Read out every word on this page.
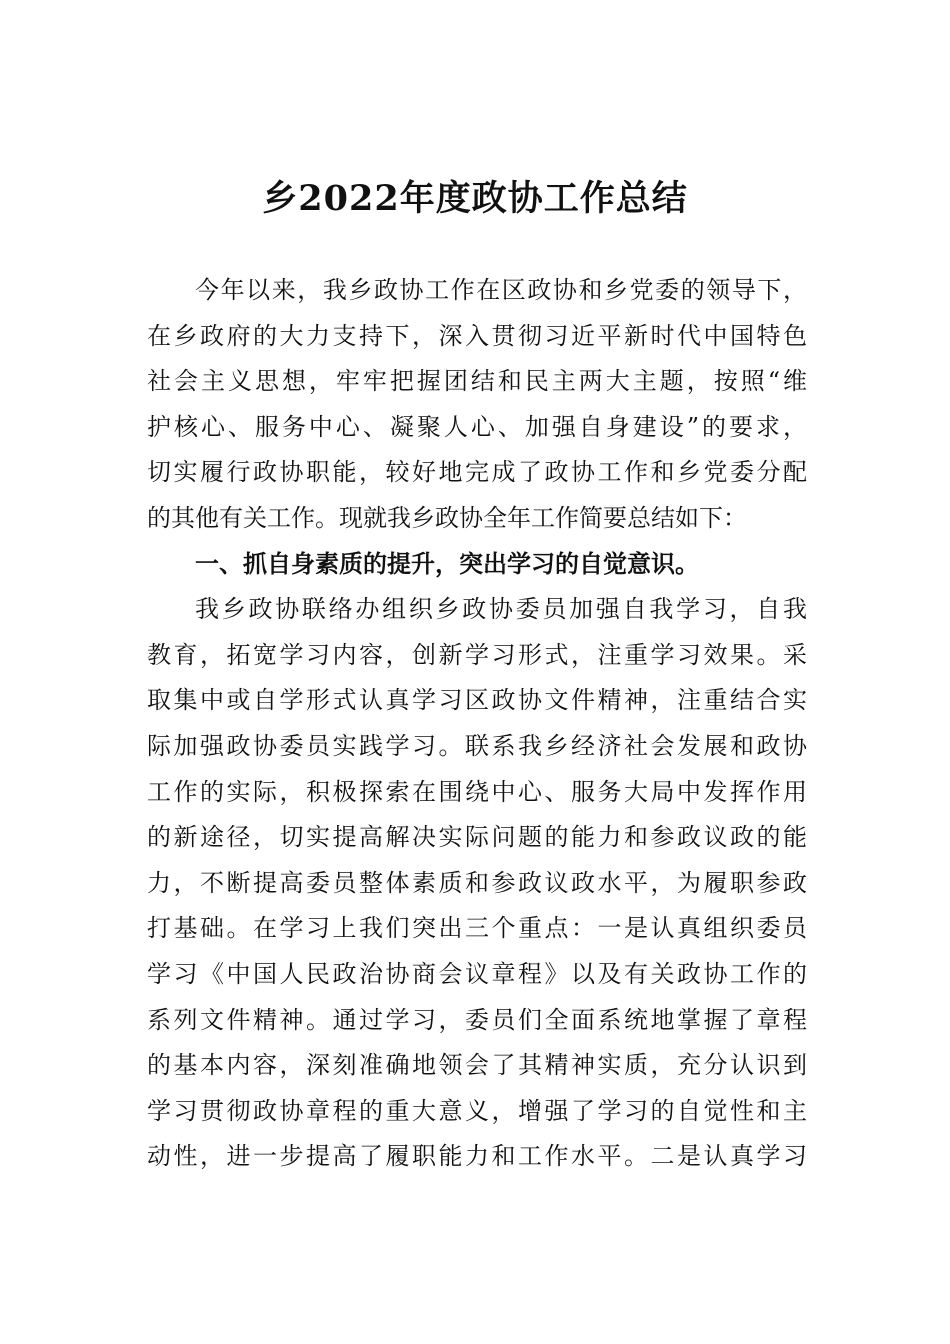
乡2022年度政协工作总结
今年以来，我乡政协工作在区政协和乡党委的领导下，
在乡政府的大力支持下，深入贯彻习近平新时代中国特色
社会主义思想，牢牢把握团结和民主两大主题，按照“维
护核心、服务中心、凝聚人心、加强自身建设”的要求，
切实履行政协职能，较好地完成了政协工作和乡党委分配
的其他有关工作。现就我乡政协全年工作简要总结如下：
一、抓自身素质的提升，突出学习的自觉意识。
我乡政协联络办组织乡政协委员加强自我学习，自我
教育，拓宽学习内容，创新学习形式，注重学习效果。采
取集中或自学形式认真学习区政协文件精神，注重结合实
际加强政协委员实践学习。联系我乡经济社会发展和政协
工作的实际，积极探索在围绕中心、服务大局中发挥作用
的新途径，切实提高解决实际问题的能力和参政议政的能
力，不断提高委员整体素质和参政议政水平，为履职参政
打基础。在学习上我们突出三个重点：一是认真组织委员
学习《中国人民政治协商会议章程》以及有关政协工作的
系列文件精神。通过学习，委员们全面系统地掌握了章程
的基本内容，深刻准确地领会了其精神实质，充分认识到
学习贯彻政协章程的重大意义，增强了学习的自觉性和主
动性，进一步提高了履职能力和工作水平。二是认真学习
